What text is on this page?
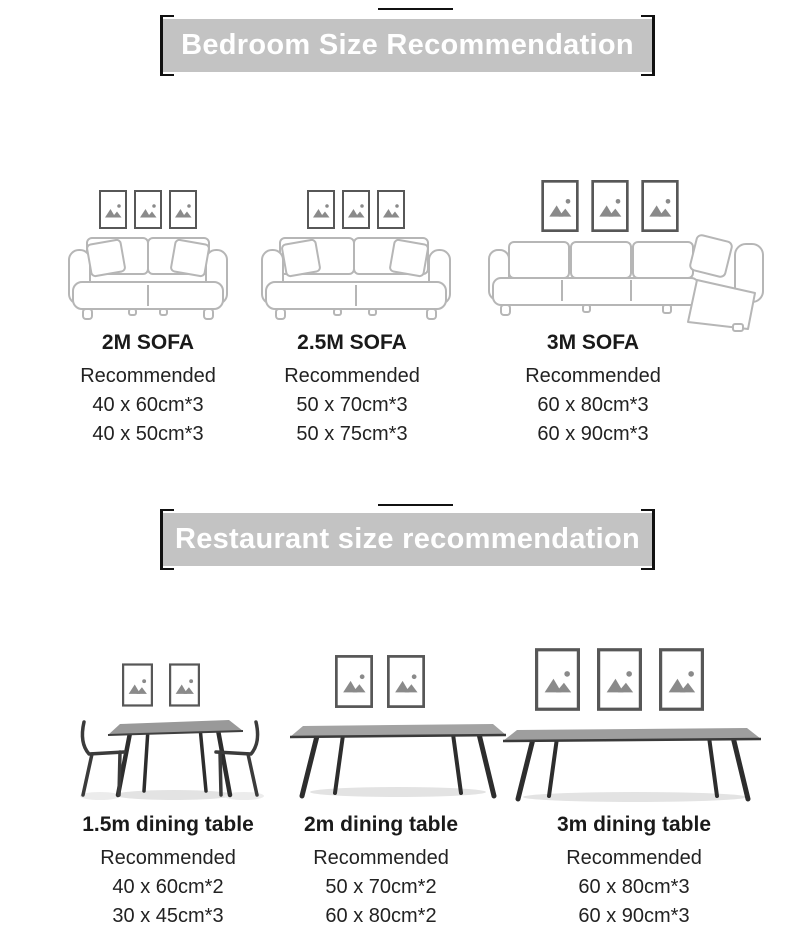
Bedroom Size Recommendation
2M SOFA
Recommended
40 x 60cm*3
40 x 50cm*3
2.5M SOFA
Recommended
50 x 70cm*3
50 x 75cm*3
3M SOFA
Recommended
60 x 80cm*3
60 x 90cm*3
Restaurant size recommendation
1.5m dining table
Recommended
40 x 60cm*2
30 x 45cm*3
2m dining table
Recommended
50 x 70cm*2
60 x 80cm*2
3m dining table
Recommended
60 x 80cm*3
60 x 90cm*3
